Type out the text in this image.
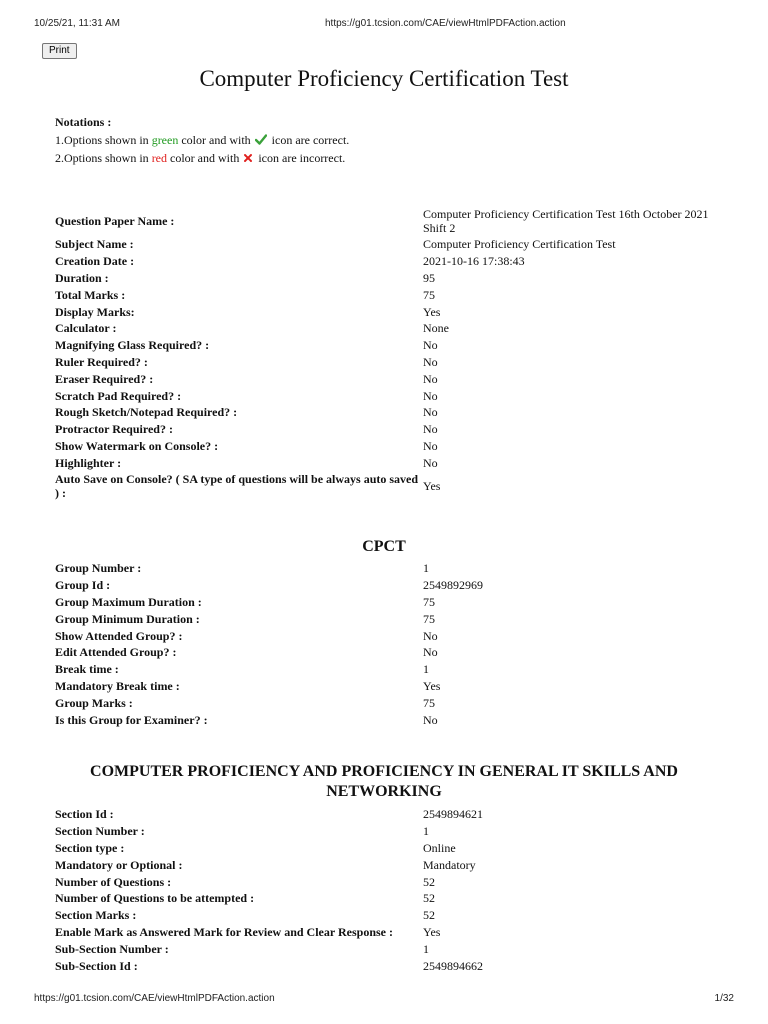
10/25/21, 11:31 AM	https://g01.tcsion.com/CAE/viewHtmlPDFAction.action
Print
Computer Proficiency Certification Test
Notations :
1.Options shown in green color and with  icon are correct.
2.Options shown in red color and with  icon are incorrect.
Question Paper Name :	Computer Proficiency Certification Test 16th October 2021 Shift 2
Subject Name :	Computer Proficiency Certification Test
Creation Date :	2021-10-16 17:38:43
Duration :	95
Total Marks :	75
Display Marks:	Yes
Calculator :	None
Magnifying Glass Required? :	No
Ruler Required? :	No
Eraser Required? :	No
Scratch Pad Required? :	No
Rough Sketch/Notepad Required? :	No
Protractor Required? :	No
Show Watermark on Console? :	No
Highlighter :	No
Auto Save on Console? ( SA type of questions will be always auto saved ) :	Yes
CPCT
Group Number :	1
Group Id :	2549892969
Group Maximum Duration :	75
Group Minimum Duration :	75
Show Attended Group? :	No
Edit Attended Group? :	No
Break time :	1
Mandatory Break time :	Yes
Group Marks :	75
Is this Group for Examiner? :	No
COMPUTER PROFICIENCY AND PROFICIENCY IN GENERAL IT SKILLS AND NETWORKING
Section Id :	2549894621
Section Number :	1
Section type :	Online
Mandatory or Optional :	Mandatory
Number of Questions :	52
Number of Questions to be attempted :	52
Section Marks :	52
Enable Mark as Answered Mark for Review and Clear Response :	Yes
Sub-Section Number :	1
Sub-Section Id :	2549894662
https://g01.tcsion.com/CAE/viewHtmlPDFAction.action	1/32
